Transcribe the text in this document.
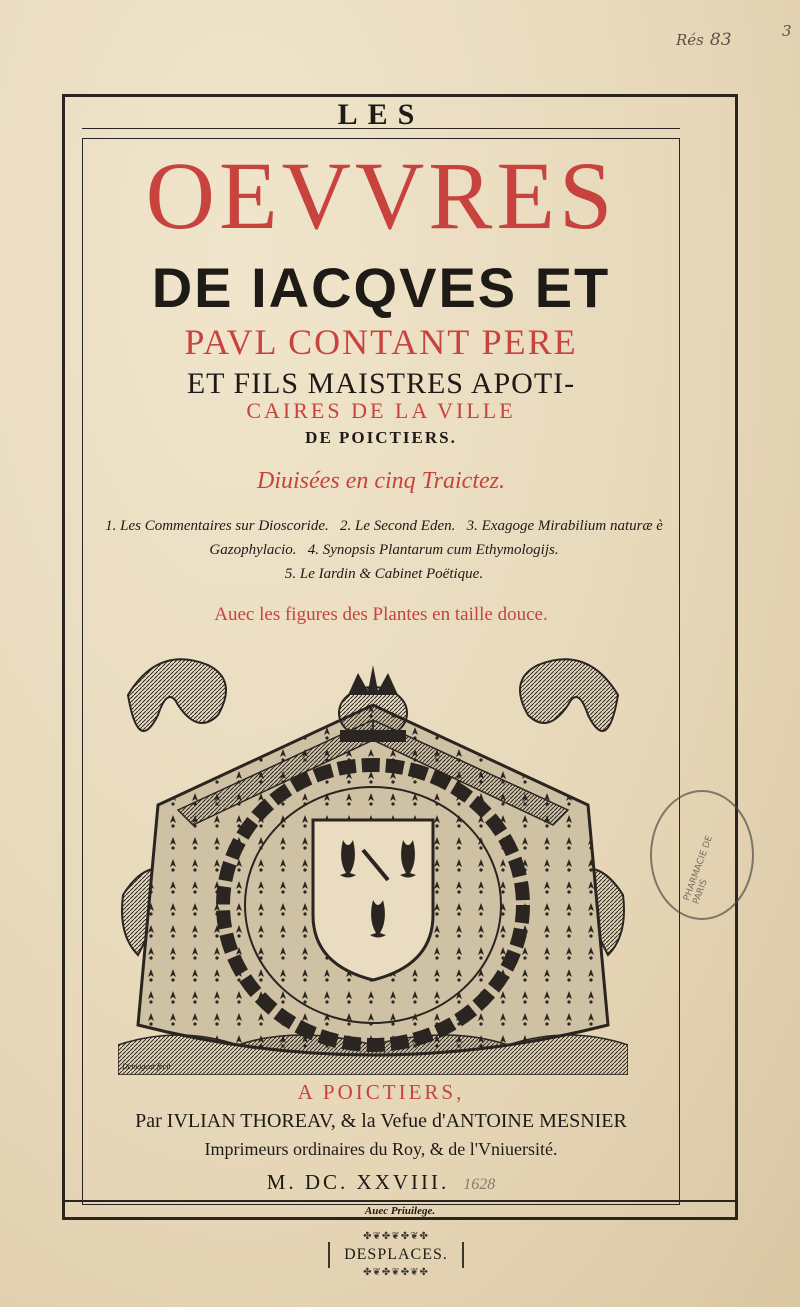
Rés 83	3
LES
OEVVRES
DE IACQVES ET
PAVL CONTANT PERE
ET FILS MAISTRES APOTI-
CAIRES DE LA VILLE
DE POICTIERS.
Diuisées en cinq Traictez.
1. Les Commentaires sur Dioscoride. 2. Le Second Eden. 3. Exagoge Mirabilium naturæ è Gazophylacio. 4. Synopsis Plantarum cum Ethymologijs.
5. Le Iardin & Cabinet Poëtique.
Auec les figures des Plantes en taille douce.
Demogeot fecit
PHARMACIE DE PARIS
A POICTIERS,
Par IVLIAN THOREAV, & la Vefue d'ANTOINE MESNIER
Imprimeurs ordinaires du Roy, & de l'Vniuersité.
M. DC. XXVIII. 1628
Auec Priuilege.
✤❦✤❦✤❦✤
DESPLACES.
✤❦✤❦✤❦✤
